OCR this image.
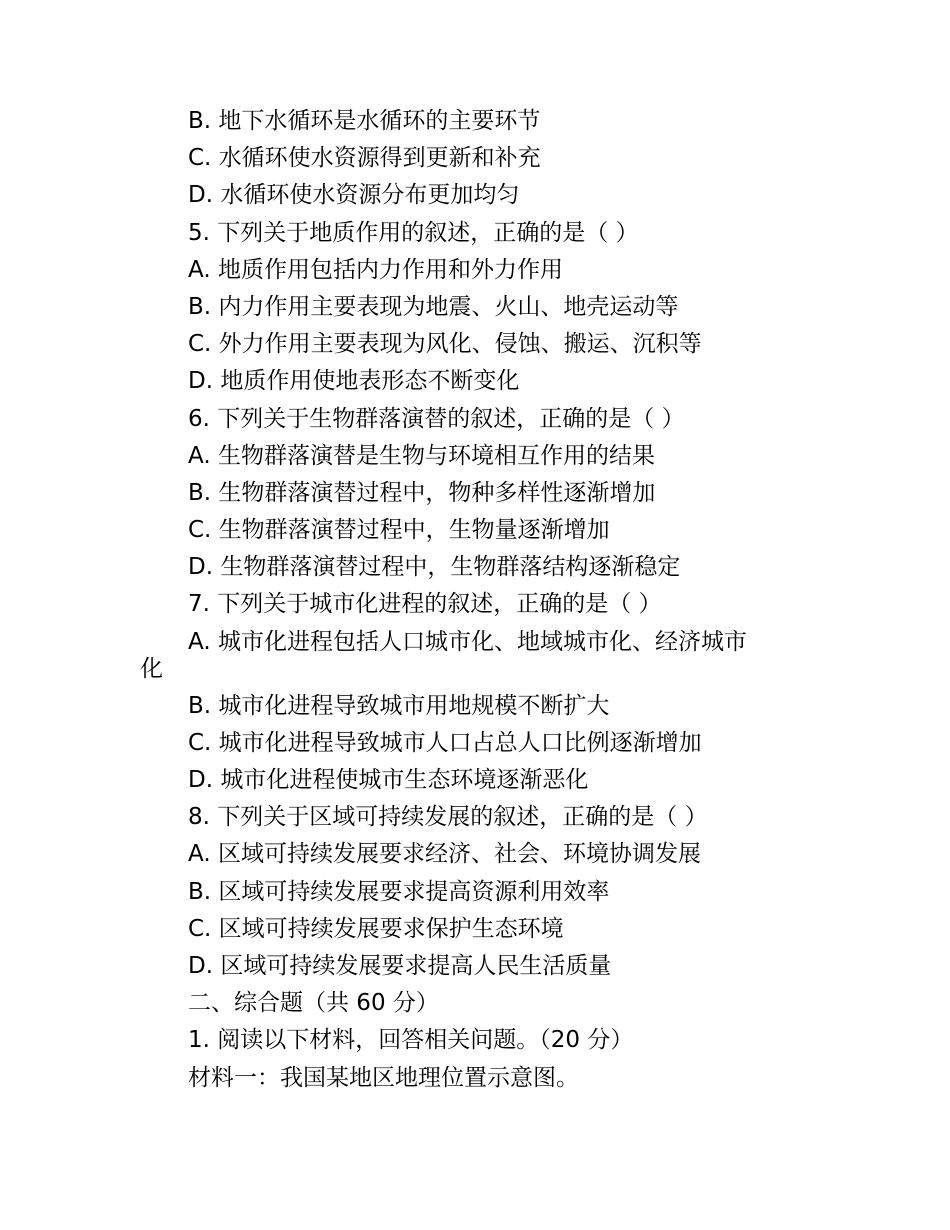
B. 地下水循环是水循环的主要环节
C. 水循环使水资源得到更新和补充
D. 水循环使水资源分布更加均匀
5. 下列关于地质作用的叙述，正确的是（ ）
A. 地质作用包括内力作用和外力作用
B. 内力作用主要表现为地震、火山、地壳运动等
C. 外力作用主要表现为风化、侵蚀、搬运、沉积等
D. 地质作用使地表形态不断变化
6. 下列关于生物群落演替的叙述，正确的是（ ）
A. 生物群落演替是生物与环境相互作用的结果
B. 生物群落演替过程中，物种多样性逐渐增加
C. 生物群落演替过程中，生物量逐渐增加
D. 生物群落演替过程中，生物群落结构逐渐稳定
7. 下列关于城市化进程的叙述，正确的是（ ）
A. 城市化进程包括人口城市化、地域城市化、经济城市
化
B. 城市化进程导致城市用地规模不断扩大
C. 城市化进程导致城市人口占总人口比例逐渐增加
D. 城市化进程使城市生态环境逐渐恶化
8. 下列关于区域可持续发展的叙述，正确的是（ ）
A. 区域可持续发展要求经济、社会、环境协调发展
B. 区域可持续发展要求提高资源利用效率
C. 区域可持续发展要求保护生态环境
D. 区域可持续发展要求提高人民生活质量
二、综合题（共 60 分）
1. 阅读以下材料，回答相关问题。（20 分）
材料一：我国某地区地理位置示意图。
